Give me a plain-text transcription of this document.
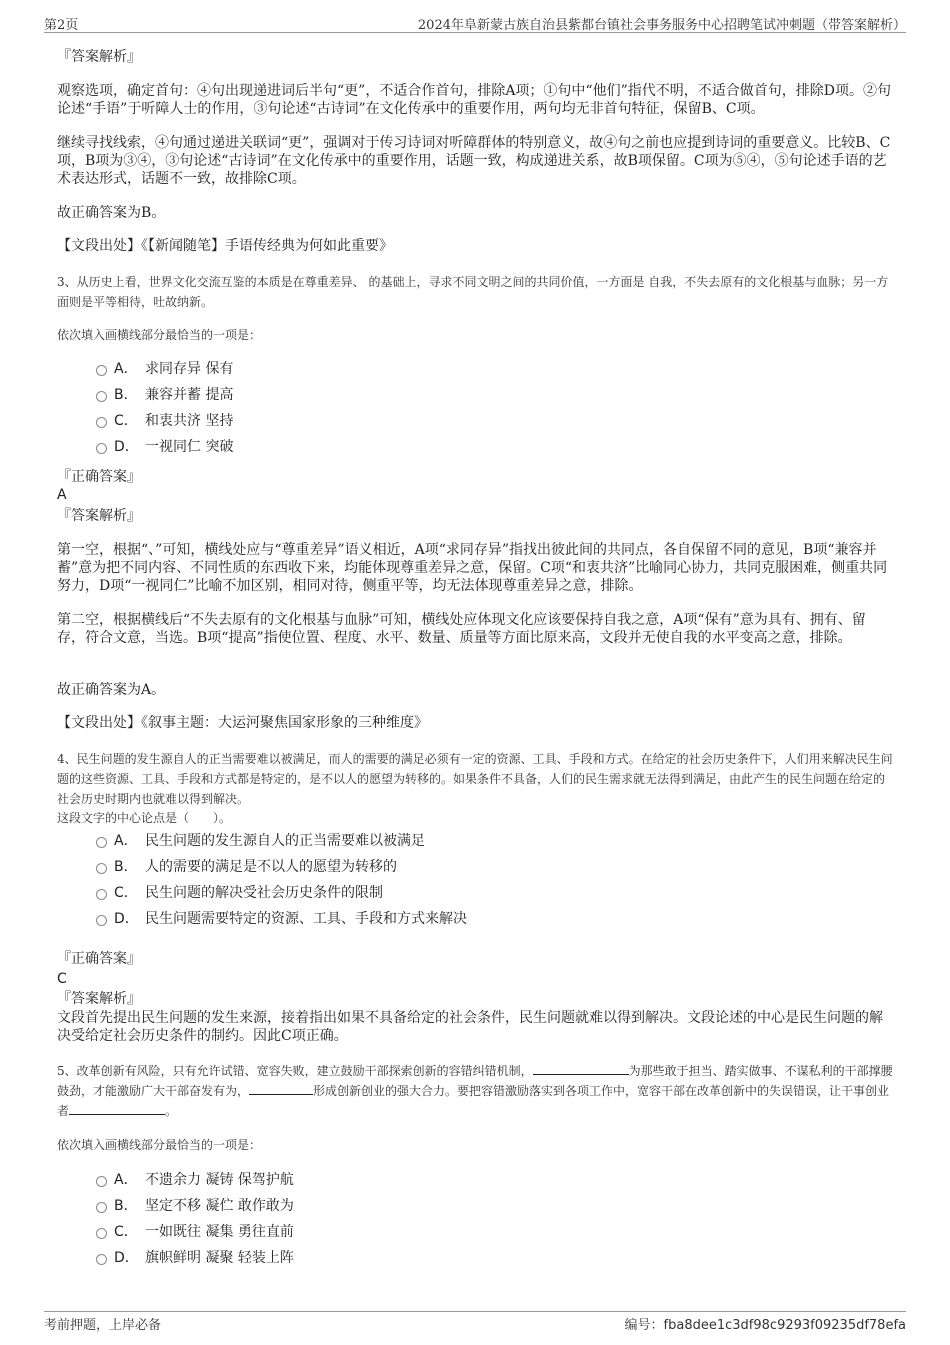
第2页	2024年阜新蒙古族自治县紫都台镇社会事务服务中心招聘笔试冲刺题（带答案解析）
『答案解析』
观察选项，确定首句：④句出现递进词后半句“更”，不适合作首句，排除A项；①句中“他们”指代不明，不适合做首句，排除D项。②句论述“手语”于听障人士的作用，③句论述“古诗词”在文化传承中的重要作用，两句均无非首句特征，保留B、C项。
继续寻找线索，④句通过递进关联词“更”，强调对于传习诗词对听障群体的特别意义，故④句之前也应提到诗词的重要意义。比较B、C项，B项为③④，③句论述“古诗词”在文化传承中的重要作用，话题一致，构成递进关系，故B项保留。C项为⑤④，⑤句论述手语的艺术表达形式，话题不一致，故排除C项。
故正确答案为B。
【文段出处】《【新闻随笔】手语传经典为何如此重要》
3、从历史上看，世界文化交流互鉴的本质是在尊重差异、 的基础上，寻求不同文明之间的共同价值，一方面是 自我，不失去原有的文化根基与血脉；另一方面则是平等相待，吐故纳新。
依次填入画横线部分最恰当的一项是：
A． 求同存异 保有
B． 兼容并蓄 提高
C． 和衷共济 坚持
D． 一视同仁 突破
『正确答案』
A
『答案解析』
第一空，根据“、”可知，横线处应与“尊重差异”语义相近，A项“求同存异”指找出彼此间的共同点，各自保留不同的意见，B项“兼容并蓄”意为把不同内容、不同性质的东西收下来，均能体现尊重差异之意，保留。C项“和衷共济”比喻同心协力，共同克服困难，侧重共同努力，D项“一视同仁”比喻不加区别，相同对待，侧重平等，均无法体现尊重差异之意，排除。
第二空，根据横线后“不失去原有的文化根基与血脉”可知，横线处应体现文化应该要保持自我之意，A项“保有”意为具有、拥有、留存，符合文意，当选。B项“提高”指使位置、程度、水平、数量、质量等方面比原来高，文段并无使自我的水平变高之意，排除。
故正确答案为A。
【文段出处】《叙事主题：大运河聚焦国家形象的三种维度》
4、民生问题的发生源自人的正当需要难以被满足，而人的需要的满足必须有一定的资源、工具、手段和方式。在给定的社会历史条件下，人们用来解决民生问题的这些资源、工具、手段和方式都是特定的，是不以人的愿望为转移的。如果条件不具备，人们的民生需求就无法得到满足，由此产生的民生问题在给定的社会历史时期内也就难以得到解决。
这段文字的中心论点是（　　）。
A． 民生问题的发生源自人的正当需要难以被满足
B． 人的需要的满足是不以人的愿望为转移的
C． 民生问题的解决受社会历史条件的限制
D． 民生问题需要特定的资源、工具、手段和方式来解决
『正确答案』
C
『答案解析』
文段首先提出民生问题的发生来源，接着指出如果不具备给定的社会条件，民生问题就难以得到解决。文段论述的中心是民生问题的解决受给定社会历史条件的制约。因此C项正确。
5、改革创新有风险，只有允许试错、宽容失败，建立鼓励干部探索创新的容错纠错机制，	为那些敢于担当、踏实做事、不谋私利的干部撑腰鼓劲，才能激励广大干部奋发有为，	形成创新创业的强大合力。要把容错激励落实到各项工作中，宽容干部在改革创新中的失误错误，让干事创业者	。
依次填入画横线部分最恰当的一项是：
A． 不遗余力 凝铸 保驾护航
B． 坚定不移 凝伫 敢作敢为
C． 一如既往 凝集 勇往直前
D． 旗帜鲜明 凝聚 轻装上阵
考前押题，上岸必备	编号：fba8dee1c3df98c9293f09235df78efa
